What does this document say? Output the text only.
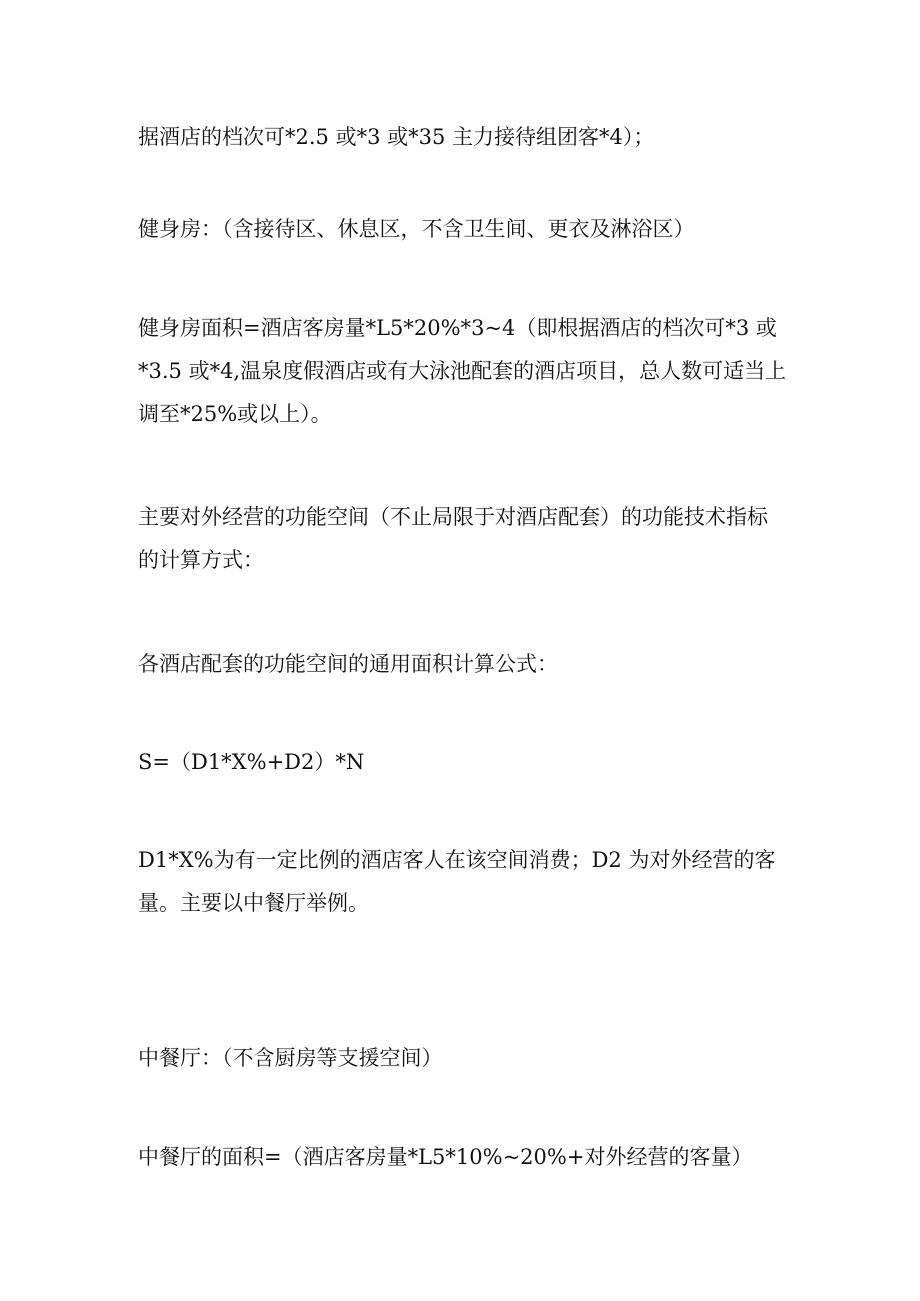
据酒店的档次可*2.5 或*3 或*35 主力接待组团客*4）；

健身房：（含接待区、休息区，不含卫生间、更衣及淋浴区）

健身房面积=酒店客房量*L5*20%*3~4（即根据酒店的档次可*3 或
*3.5 或*4,温泉度假酒店或有大泳池配套的酒店项目，总人数可适当上
调至*25%或以上）。

主要对外经营的功能空间（不止局限于对酒店配套）的功能技术指标
的计算方式：

各酒店配套的功能空间的通用面积计算公式：

S=（D1*X%+D2）*N

D1*X%为有一定比例的酒店客人在该空间消费；D2 为对外经营的客
量。主要以中餐厅举例。

中餐厅：（不含厨房等支援空间）

中餐厅的面积=（酒店客房量*L5*10%~20%+对外经营的客量）
